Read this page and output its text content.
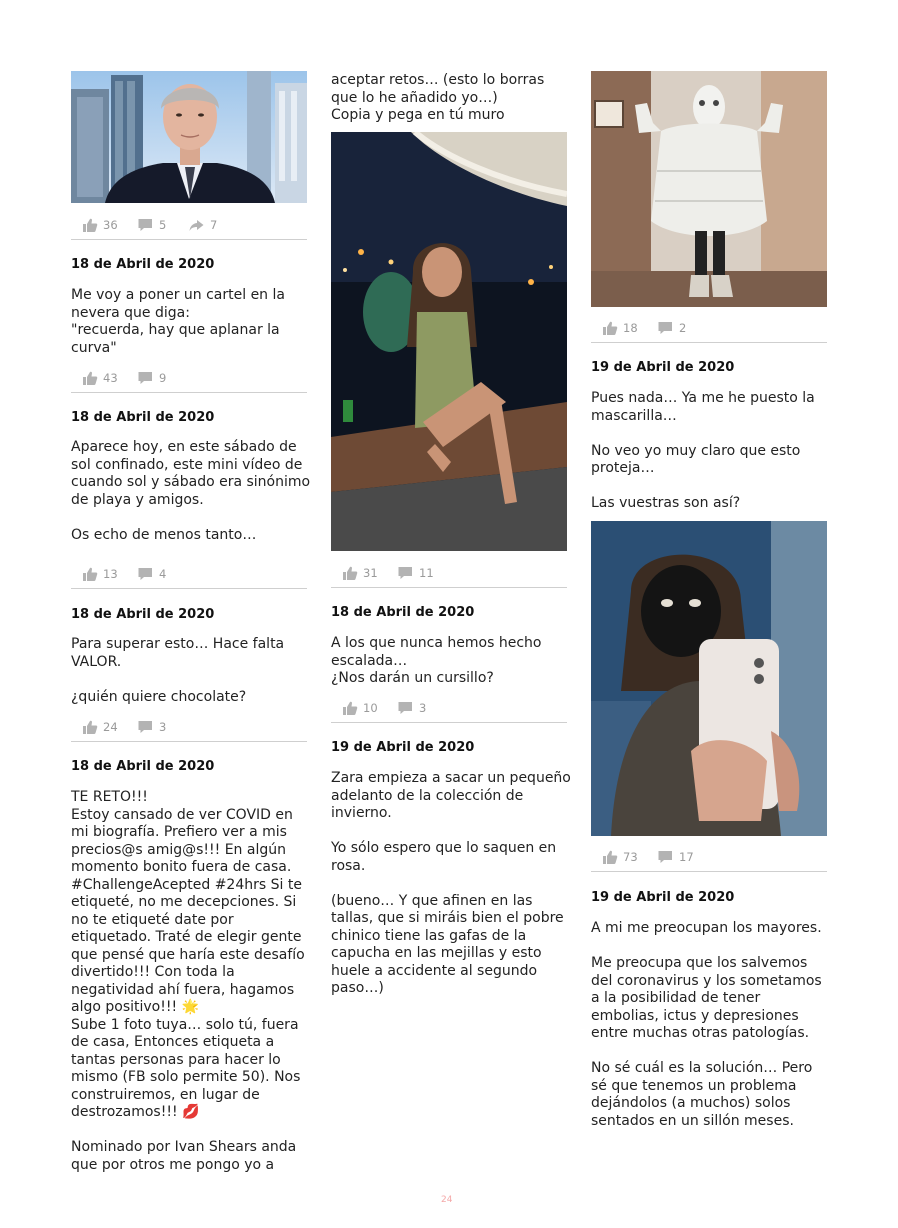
36	5	7
18 de Abril de 2020

Me voy a poner un cartel en la nevera que diga:

"recuerda, hay que aplanar la curva"

43	9
18 de Abril de 2020

Aparece hoy, en este sábado de sol confinado, este mini vídeo de cuando sol y sábado era sinónimo de playa y amigos.

Os echo de menos tanto…

13	4
18 de Abril de 2020

Para superar esto… Hace falta VALOR.

¿quién quiere chocolate?

24	3
18 de Abril de 2020

TE RETO!!!

Estoy cansado de ver COVID en mi biografía. Prefiero ver a mis precios@s amig@s!!! En algún momento bonito fuera de casa. #ChallengeAcepted #24hrs Si te etiqueté, no me decepciones. Si no te etiqueté date por etiquetado. Traté de elegir gente que pensé que haría este desafío divertido!!! Con toda la negatividad ahí fuera, hagamos algo positivo!!! 🌟

Sube 1 foto tuya… solo tú, fuera de casa, Entonces etiqueta a tantas personas para hacer lo mismo (FB solo permite 50). Nos construiremos, en lugar de destrozamos!!! 💋

Nominado por Ivan Shears anda que por otros me pongo yo a

aceptar retos… (esto lo borras que lo he añadido yo…)

Copia y pega en tú muro

31	11
18 de Abril de 2020

A los que nunca hemos hecho escalada…

¿Nos darán un cursillo?

10	3
19 de Abril de 2020

Zara empieza a sacar un pequeño adelanto de la colección de invierno.

Yo sólo espero que lo saquen en rosa.

(bueno… Y que afinen en las tallas, que si miráis bien el pobre chinico tiene las gafas de la capucha en las mejillas y esto huele a accidente al segundo paso…)

18	2
19 de Abril de 2020

Pues nada… Ya me he puesto la mascarilla…

No veo yo muy claro que esto proteja…

Las vuestras son así?

73	17
19 de Abril de 2020

A mi me preocupan los mayores.

Me preocupa que los salvemos del coronavirus y los sometamos a la posibilidad de tener embolias, ictus y depresiones entre muchas otras patologías.

No sé cuál es la solución… Pero sé que tenemos un problema dejándolos (a muchos) solos sentados en un sillón meses.

24
